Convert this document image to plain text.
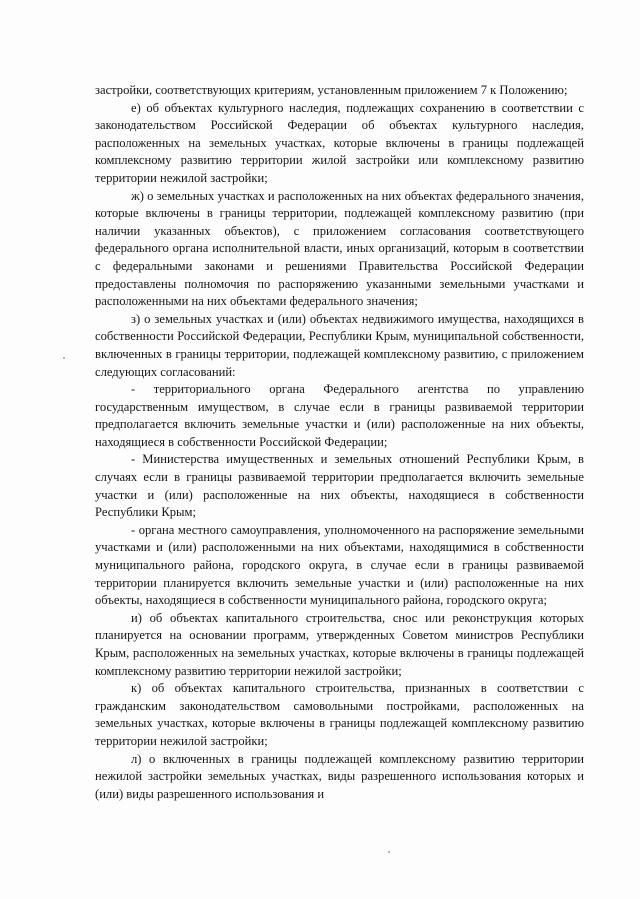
застройки, соответствующих критериям, установленным приложением 7 к Положению;

е) об объектах культурного наследия, подлежащих сохранению в соответствии с законодательством Российской Федерации об объектах культурного наследия, расположенных на земельных участках, которые включены в границы подлежащей комплексному развитию территории жилой застройки или комплексному развитию территории нежилой застройки;

ж) о земельных участках и расположенных на них объектах федерального значения, которые включены в границы территории, подлежащей комплексному развитию (при наличии указанных объектов), с приложением согласования соответствующего федерального органа исполнительной власти, иных организаций, которым в соответствии с федеральными законами и решениями Правительства Российской Федерации предоставлены полномочия по распоряжению указанными земельными участками и расположенными на них объектами федерального значения;

з) о земельных участках и (или) объектах недвижимого имущества, находящихся в собственности Российской Федерации, Республики Крым, муниципальной собственности, включенных в границы территории, подлежащей комплексному развитию, с приложением следующих согласований:

- территориального органа Федерального агентства по управлению государственным имуществом, в случае если в границы развиваемой территории предполагается включить земельные участки и (или) расположенные на них объекты, находящиеся в собственности Российской Федерации;

- Министерства имущественных и земельных отношений Республики Крым, в случаях если в границы развиваемой территории предполагается включить земельные участки и (или) расположенные на них объекты, находящиеся в собственности Республики Крым;

- органа местного самоуправления, уполномоченного на распоряжение земельными участками и (или) расположенными на них объектами, находящимися в собственности муниципального района, городского округа, в случае если в границы развиваемой территории планируется включить земельные участки и (или) расположенные на них объекты, находящиеся в собственности муниципального района, городского округа;

и) об объектах капитального строительства, снос или реконструкция которых планируется на основании программ, утвержденных Советом министров Республики Крым, расположенных на земельных участках, которые включены в границы подлежащей комплексному развитию территории нежилой застройки;

к) об объектах капитального строительства, признанных в соответствии с гражданским законодательством самовольными постройками, расположенных на земельных участках, которые включены в границы подлежащей комплексному развитию территории нежилой застройки;

л) о включенных в границы подлежащей комплексному развитию территории нежилой застройки земельных участках, виды разрешенного использования которых и (или) виды разрешенного использования и
